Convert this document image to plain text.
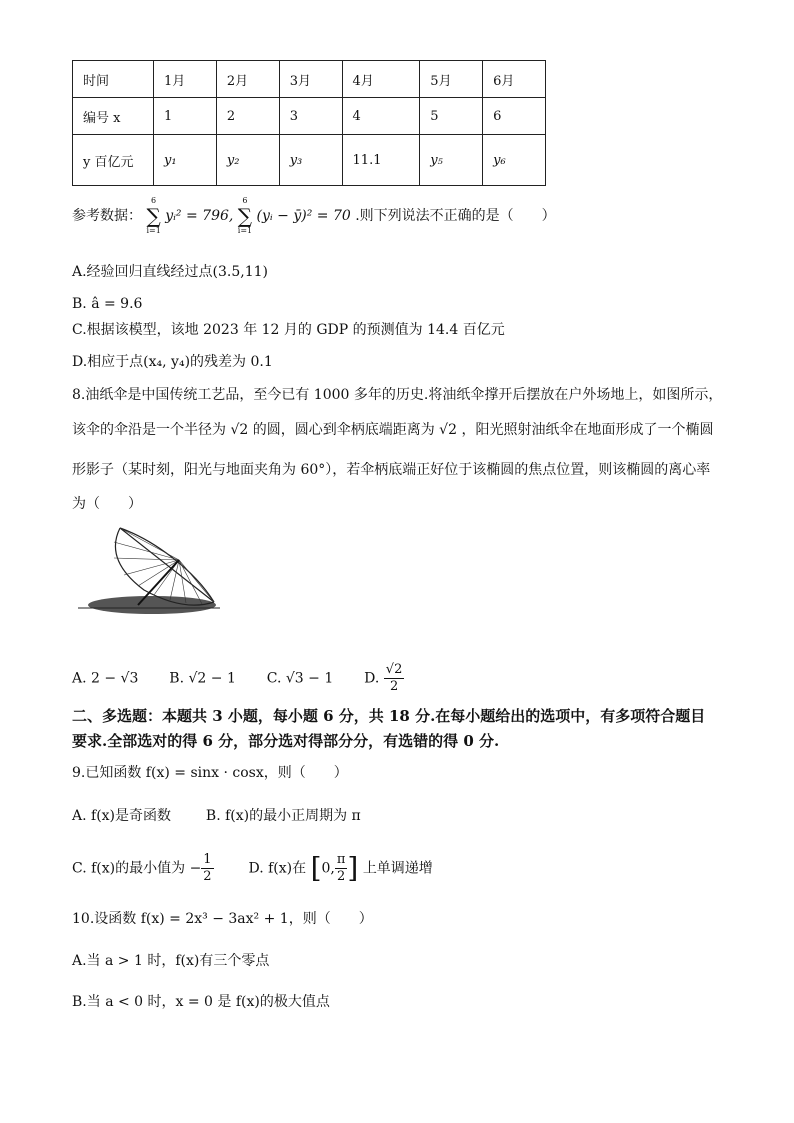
时间	1月	2月	3月	4月	5月	6月
编号 x	1	2	3	4	5	6
y 百亿元	y₁	y₂	y₃	11.1	y₅	y₆
参考数据：
6
∑
i=1
yᵢ² = 796,
6
∑
i=1
(yᵢ − ȳ)² = 70 .则下列说法不正确的是（　　）
A.经验回归直线经过点(3.5,11)
B. â = 9.6
C.根据该模型，该地 2023 年 12 月的 GDP 的预测值为 14.4 百亿元
D.相应于点(x₄, y₄)的残差为 0.1
8.油纸伞是中国传统工艺品，至今已有 1000 多年的历史.将油纸伞撑开后摆放在户外场地上，如图所示，
该伞的伞沿是一个半径为 √2 的圆，圆心到伞柄底端距离为 √2 ，阳光照射油纸伞在地面形成了一个椭圆
形影子（某时刻，阳光与地面夹角为 60°），若伞柄底端正好位于该椭圆的焦点位置，则该椭圆的离心率
为（　　）
A. 2 − √3 B. √2 − 1 C. √3 − 1 D. $\frac{√2}{2}$
二、多选题：本题共 3 小题，每小题 6 分，共 18 分.在每小题给出的选项中，有多项符合题目
要求.全部选对的得 6 分，部分选对得部分分，有选错的得 0 分.
9.已知函数 f(x) = sinx · cosx，则（　　）
A. f(x)是奇函数 B. f(x)的最小正周期为 π
C. f(x)的最小值为 − $\frac{1}{2} D$. f(x)在 [0, $\frac{\pi}{2}$ ] 上单调递增
10.设函数 f(x) = 2x³ − 3ax² + 1，则（　　）
A.当 a > 1 时，f(x)有三个零点
B.当 a < 0 时，x = 0 是 f(x)的极大值点
